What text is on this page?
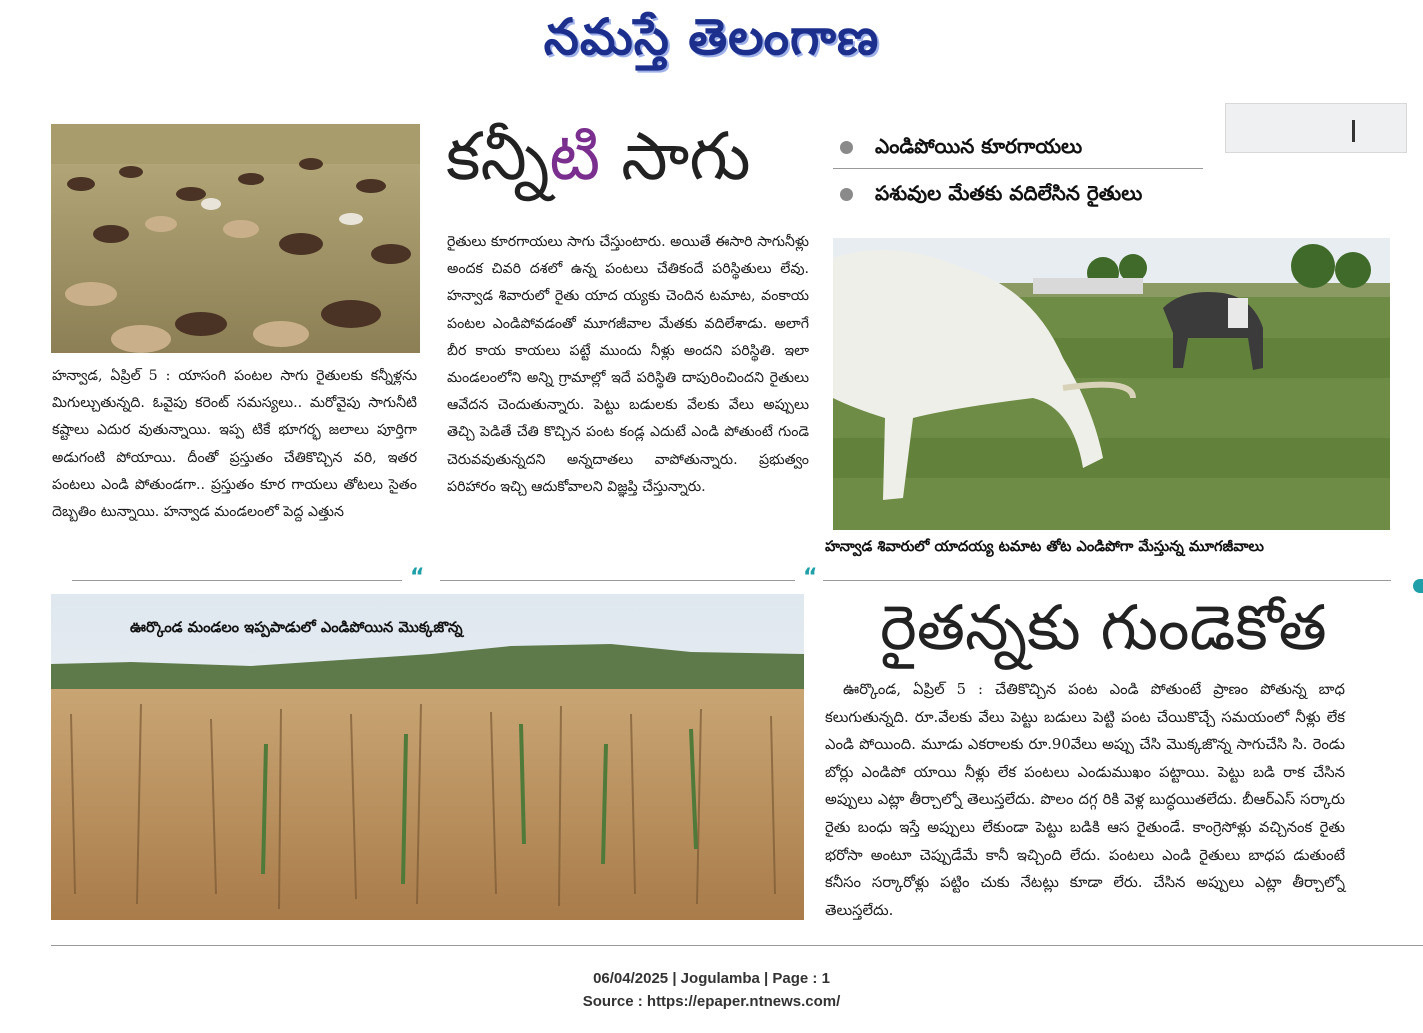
నమస్తే తెలంగాణ
కన్నీటి సాగు
రైతులు కూరగాయలు సాగు చేస్తుంటారు. అయితే ఈసారి సాగునీళ్లు అందక చివరి దశలో ఉన్న పంటలు చేతికందే పరిస్థితులు లేవు. హన్వాడ శివారులో రైతు యాద య్యకు చెందిన టమాట, వంకాయ పంటల ఎండిపోవడంతో మూగజీవాల మేతకు వదిలేశాడు. అలాగే బీర కాయ కాయలు పట్టే ముందు నీళ్లు అందని పరిస్థితి. ఇలా మండలంలోని అన్ని గ్రామాల్లో ఇదే పరిస్థితి దాపురించిందని రైతులు ఆవేదన చెందుతున్నారు. పెట్టు బడులకు వేలకు వేలు అప్పులు తెచ్చి పెడితే చేతి కొచ్చిన పంట కండ్ల ఎదుటే ఎండి పోతుంటే గుండె చెరువవుతున్నదని అన్నదాతలు వాపోతున్నారు. ప్రభుత్వం పరిహారం ఇచ్చి ఆదుకోవాలని విజ్ఞప్తి చేస్తున్నారు.
హన్వాడ, ఏప్రిల్ 5 : యాసంగి పంటల సాగు రైతులకు కన్నీళ్లను మిగుల్చుతున్నది. ఓవైపు కరెంట్ సమస్యలు.. మరోవైపు సాగునీటి కష్టాలు ఎదుర వుతున్నాయి. ఇప్ప టికే భూగర్భ జలాలు పూర్తిగా అడుగంటి పోయాయి. దీంతో ప్రస్తుతం చేతికొచ్చిన వరి, ఇతర పంటలు ఎండి పోతుండగా.. ప్రస్తుతం కూర గాయలు తోటలు సైతం దెబ్బతిం టున్నాయి. హన్వాడ మండలంలో పెద్ద ఎత్తున
ఎండిపోయిన కూరగాయలు
పశువుల మేతకు వదిలేసిన రైతులు
హన్వాడ శివారులో యాదయ్య టమాట తోట ఎండిపోగా మేస్తున్న మూగజీవాలు
“	“
ఊర్కొండ మండలం ఇప్పపాడులో ఎండిపోయిన మొక్కజొన్న	రైతన్నకు గుండెకోత
ఊర్కొండ, ఏప్రిల్ 5 : చేతికొచ్చిన పంట ఎండి పోతుంటే ప్రాణం పోతున్న బాధ కలుగుతున్నది. రూ.వేలకు వేలు పెట్టు బడులు పెట్టి పంట చేయికొచ్చే సమయంలో నీళ్లు లేక ఎండి పోయింది. మూడు ఎకరాలకు రూ.90వేలు అప్పు చేసి మొక్కజొన్న సాగుచేసి సి. రెండు బోర్లు ఎండిపో యాయి నీళ్లు లేక పంటలు ఎండుముఖం పట్టాయి. పెట్టు బడి రాక చేసిన అప్పులు ఎట్లా తీర్చాల్నో తెలుస్తలేదు. పొలం దగ్గ రికి వెళ్ల బుద్ధయితలేదు. బీఆర్ఎస్ సర్కారు రైతు బంధు ఇస్తే అప్పులు లేకుండా పెట్టు బడికి ఆస రైతుండే. కాంగ్రెసోళ్లు వచ్చినంక రైతు భరోసా అంటూ చెప్పుడేమే కానీ ఇచ్చింది లేదు. పంటలు ఎండి రైతులు బాధప డుతుంటే కనీసం సర్కారోళ్లు పట్టిం చుకు నేటట్లు కూడా లేరు. చేసిన అప్పులు ఎట్లా తీర్చాల్నో తెలుస్తలేదు.
06/04/2025 | Jogulamba | Page : 1
Source : https://epaper.ntnews.com/
